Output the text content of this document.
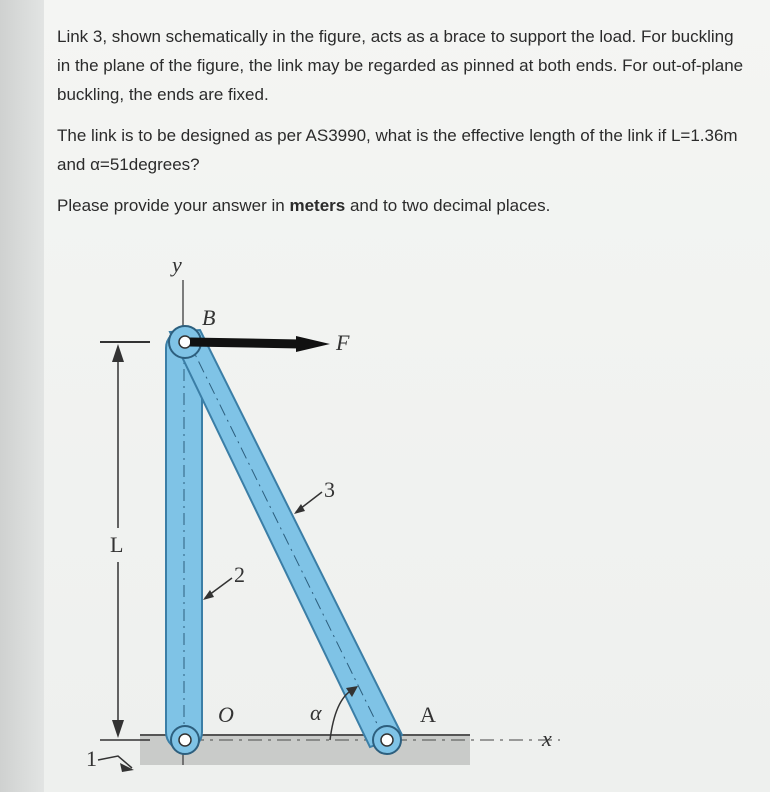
Link 3, shown schematically in the figure, acts as a brace to support the load. For buckling in the plane of the figure, the link may be regarded as pinned at both ends. For out-of-plane buckling, the ends are fixed.

The link is to be designed as per AS3990, what is the effective length of the link if L=1.36m and α=51degrees?

Please provide your answer in meters and to two decimal places.

y
B
F
3
L
2
O	α	A
x
1
